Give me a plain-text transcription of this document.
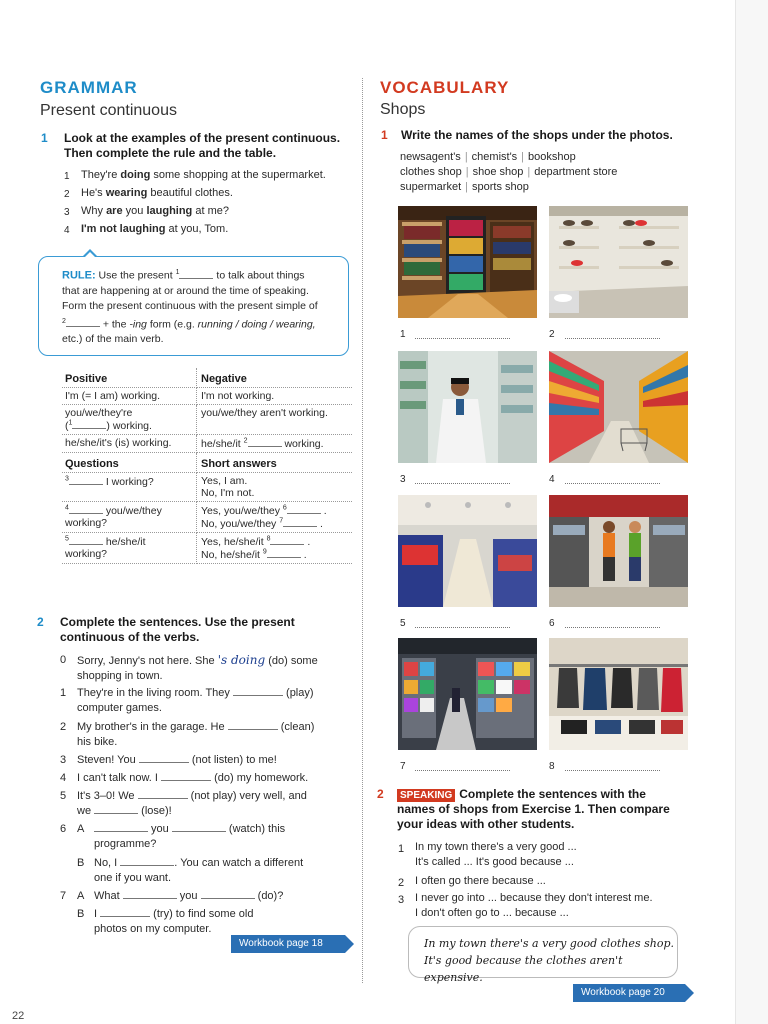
GRAMMAR
Present continuous
1 Look at the examples of the present continuous.
Then complete the rule and the table.
1 They're doing some shopping at the supermarket.
2 He's wearing beautiful clothes.
3 Why are you laughing at me?
4 I'm not laughing at you, Tom.
RULE: Use the present $^1$	to talk about things
that are happening at or around the time of speaking.
Form the present continuous with the present simple of
$^2$	+ the -ing form (e.g. running / doing / wearing,
etc.) of the main verb.
Positive	Negative
I'm (= I am) working.	I'm not working.
you/we/they're
($^1$ ) working.	you/we/they aren't working.
he/she/it's (is) working.	he/she/it $^2$ working.
Questions	Short answers
$^3$ I working?	Yes, I am.
No, I'm not.
$^4$ you/we/they
working?	Yes, you/we/they $^6$ .
No, you/we/they $^7$ .
$^5$ he/she/it
working?	Yes, he/she/it $^8$ .
No, he/she/it $^9$ .
2 Complete the sentences. Use the present
continuous of the verbs.
0 Sorry, Jenny's not here. She 's doing (do) some
shopping in town.
1 They're in the living room. They	(play)
computer games.
2 My brother's in the garage. He	(clean)
his bike.
3 Steven! You	(not listen) to me!
4 I can't talk now. I	(do) my homework.
5 It's 3–0! We	(not play) very well, and
we	(lose)!
6 A	you	(watch) this
programme?
B No, I	. You can watch a different
one if you want.
7 A What	you	(do)?
B I	(try) to find some old
photos on my computer.
Workbook page 18
VOCABULARY
Shops
1 Write the names of the shops under the photos.
newsagent's | chemist's | bookshop
clothes shop | shoe shop | department store
supermarket | sports shop
1	2
3	4
5	6
7	8
2	SPEAKING Complete the sentences with the
names of shops from Exercise 1. Then compare
your ideas with other students.
1 In my town there's a very good ...
It's called ... It's good because ...
2 I often go there because ...
3 I never go into ... because they don't interest me.
I don't often go to ... because ...
In my town there's a very good clothes shop.
It's good because the clothes aren't expensive.
Workbook page 20
22
